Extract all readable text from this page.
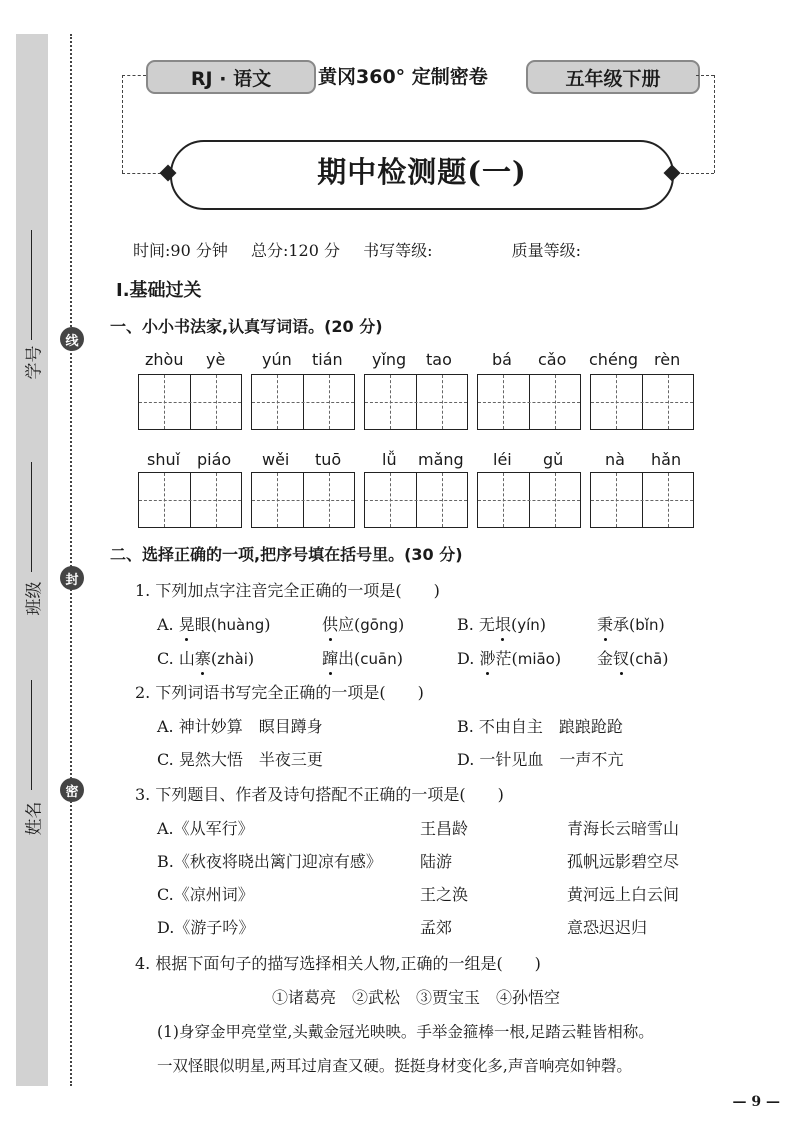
学号
班级
姓名
线
封
密
RJ · 语文	黄冈360° 定制密卷	五年级下册
期中检测题(一)
时间:90 分钟 总分:120 分 书写等级:	质量等级:
Ⅰ.基础过关
一、小小书法家,认真写词语。(20 分)
zhòu yè yún tián yǐng tao	bá cǎo chéng rèn
shuǐ piáo wěi tuō	lǚ mǎng léi gǔ	nà hǎn
二、选择正确的一项,把序号填在括号里。(30 分)
1. 下列加点字注音完全正确的一项是(　　)
A. 晃眼(huàng)	供应(gōng)	B. 无垠(yín)	秉承(bǐn)
C. 山寨(zhài)	蹿出(cuān)	D. 渺茫(miāo) 金钗(chā)
2. 下列词语书写完全正确的一项是(　　)
A. 神计妙算　瞑目蹲身	B. 不由自主　踉踉跄跄
C. 晃然大悟　半夜三更	D. 一针见血　一声不亢
3. 下列题目、作者及诗句搭配不正确的一项是(　　)
A.《从军行》	王昌龄	青海长云暗雪山
B.《秋夜将晓出篱门迎凉有感》 陆游	孤帆远影碧空尽
C.《凉州词》	王之涣	黄河远上白云间
D.《游子吟》	孟郊	意恐迟迟归
4. 根据下面句子的描写选择相关人物,正确的一组是(　　)
①诸葛亮　②武松　③贾宝玉　④孙悟空
(1)身穿金甲亮堂堂,头戴金冠光映映。手举金箍棒一根,足踏云鞋皆相称。
一双怪眼似明星,两耳过肩查又硬。挺挺身材变化多,声音响亮如钟磬。
— 9 —
